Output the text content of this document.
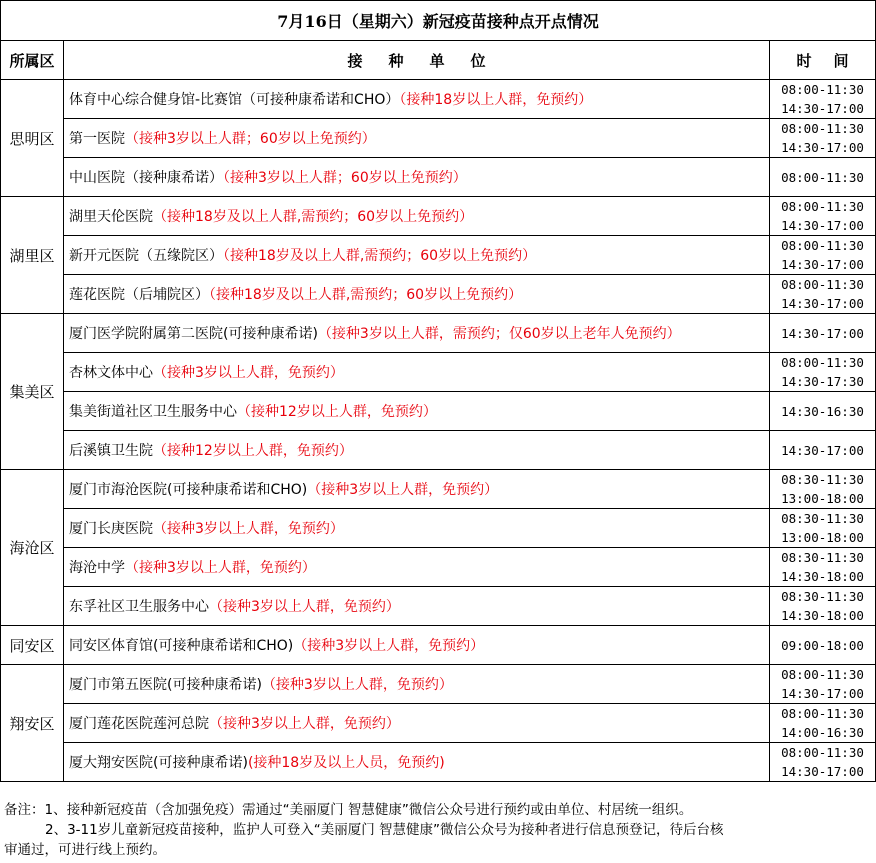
7月16日（星期六）新冠疫苗接种点开点情况		
所属区	接种单位	时间
思明区	体育中心综合健身馆-比赛馆（可接种康希诺和CHO）（接种18岁以上人群，免预约）	08:00-11:30
14:30-17:00

	第一医院（接种3岁以上人群；60岁以上免预约）	08:00-11:30
14:30-17:00

	中山医院（接种康希诺）（接种3岁以上人群；60岁以上免预约）	08:00-11:30

湖里区	湖里天伦医院（接种18岁及以上人群,需预约；60岁以上免预约）	08:00-11:30
14:30-17:00

	新开元医院（五缘院区）（接种18岁及以上人群,需预约；60岁以上免预约）	08:00-11:30
14:30-17:00

	莲花医院（后埔院区）（接种18岁及以上人群,需预约；60岁以上免预约）	08:00-11:30
14:30-17:00

集美区	厦门医学院附属第二医院(可接种康希诺)（接种3岁以上人群，需预约；仅60岁以上老年人免预约）	14:30-17:00

	杏林文体中心（接种3岁以上人群，免预约）	08:00-11:30
14:30-17:30

	集美街道社区卫生服务中心（接种12岁以上人群，免预约）	14:30-16:30

	后溪镇卫生院（接种12岁以上人群，免预约）	14:30-17:00

海沧区	厦门市海沧医院(可接种康希诺和CHO)（接种3岁以上人群，免预约）	08:30-11:30
13:00-18:00

	厦门长庚医院（接种3岁以上人群，免预约）	08:30-11:30
13:00-18:00

	海沧中学（接种3岁以上人群，免预约）	08:30-11:30
14:30-18:00

	东孚社区卫生服务中心（接种3岁以上人群，免预约）	08:30-11:30
14:30-18:00

同安区	同安区体育馆(可接种康希诺和CHO)（接种3岁以上人群，免预约）	09:00-18:00

翔安区	厦门市第五医院(可接种康希诺)（接种3岁以上人群，免预约）	08:00-11:30
14:30-17:00

	厦门莲花医院莲河总院（接种3岁以上人群，免预约）	08:00-11:30
14:00-16:30

	厦大翔安医院(可接种康希诺)(接种18岁及以上人员，免预约)	08:00-11:30
14:30-17:00
备注：1、接种新冠疫苗（含加强免疫）需通过“美丽厦门 智慧健康”微信公众号进行预约或由单位、村居统一组织。
2、3-11岁儿童新冠疫苗接种，监护人可登入“美丽厦门 智慧健康”微信公众号为接种者进行信息预登记，待后台核
审通过，可进行线上预约。
